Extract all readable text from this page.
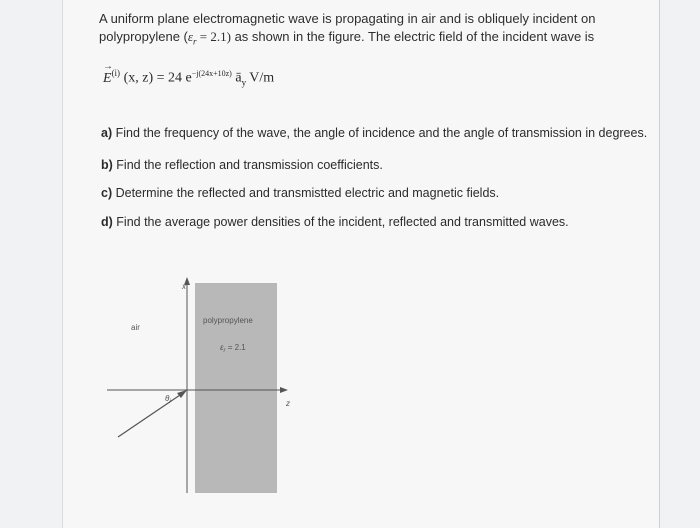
A uniform plane electromagnetic wave is propagating in air and is obliquely incident on
polypropylene $(\varepsilon_r = 2.1)$ as shown in the figure. The electric field of the incident wave is
→ $E^{(i)}$ (x, z) = 24 $e^{-j(24x+10z)}$ $ā_y$ V/m
a) Find the frequency of the wave, the angle of incidence and the angle of transmission in degrees.
b) Find the reflection and transmission coefficients.
c) Determine the reflected and transmistted electric and magnetic fields.
d) Find the average power densities of the incident, reflected and transmitted waves.
x
z
air
polypropylene
$\varepsilon_r = 2.1$
$\theta_i$
